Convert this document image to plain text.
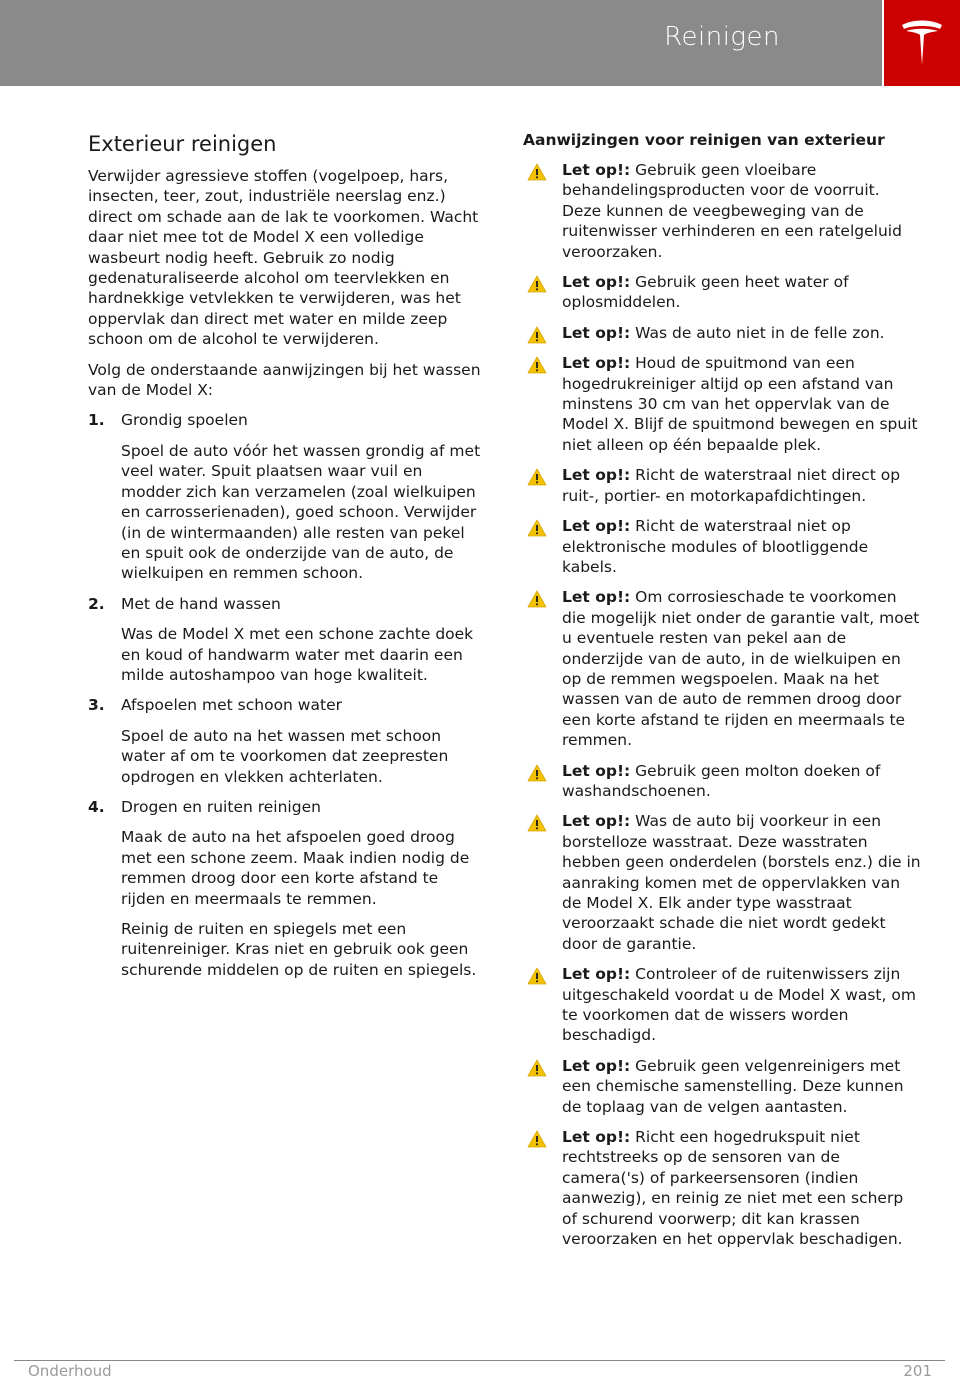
Reinigen
Exterieur reinigen

Verwijder agressieve stoffen (vogelpoep, hars, insecten, teer, zout, industriële neerslag enz.) direct om schade aan de lak te voorkomen. Wacht daar niet mee tot de Model X een volledige wasbeurt nodig heeft. Gebruik zo nodig gedenaturaliseerde alcohol om teervlekken en hardnekkige vetvlekken te verwijderen, was het oppervlak dan direct met water en milde zeep schoon om de alcohol te verwijderen.

Volg de onderstaande aanwijzingen bij het wassen van de Model X:

1. Grondig spoelen

Spoel de auto vóór het wassen grondig af met veel water. Spuit plaatsen waar vuil en modder zich kan verzamelen (zoal wielkuipen en carrosserienaden), goed schoon. Verwijder (in de wintermaanden) alle resten van pekel en spuit ook de onderzijde van de auto, de wielkuipen en remmen schoon.

2. Met de hand wassen

Was de Model X met een schone zachte doek en koud of handwarm water met daarin een milde autoshampoo van hoge kwaliteit.

3. Afspoelen met schoon water

Spoel de auto na het wassen met schoon water af om te voorkomen dat zeepresten opdrogen en vlekken achterlaten.

4. Drogen en ruiten reinigen

Maak de auto na het afspoelen goed droog met een schone zeem. Maak indien nodig de remmen droog door een korte afstand te rijden en meermaals te remmen.

Reinig de ruiten en spiegels met een ruitenreiniger. Kras niet en gebruik ook geen schurende middelen op de ruiten en spiegels.

Aanwijzingen voor reinigen van exterieur
Let op!: Gebruik geen vloeibare behandelingsproducten voor de voorruit. Deze kunnen de veegbeweging van de ruitenwisser verhinderen en een ratelgeluid veroorzaken.
Let op!: Gebruik geen heet water of oplosmiddelen.
Let op!: Was de auto niet in de felle zon.
Let op!: Houd de spuitmond van een hogedrukreiniger altijd op een afstand van minstens 30 cm van het oppervlak van de Model X. Blijf de spuitmond bewegen en spuit niet alleen op één bepaalde plek.
Let op!: Richt de waterstraal niet direct op ruit-, portier- en motorkapafdichtingen.
Let op!: Richt de waterstraal niet op elektronische modules of blootliggende kabels.
Let op!: Om corrosieschade te voorkomen die mogelijk niet onder de garantie valt, moet u eventuele resten van pekel aan de onderzijde van de auto, in de wielkuipen en op de remmen wegspoelen. Maak na het wassen van de auto de remmen droog door een korte afstand te rijden en meermaals te remmen.
Let op!: Gebruik geen molton doeken of washandschoenen.
Let op!: Was de auto bij voorkeur in een borstelloze wasstraat. Deze wasstraten hebben geen onderdelen (borstels enz.) die in aanraking komen met de oppervlakken van de Model X. Elk ander type wasstraat veroorzaakt schade die niet wordt gedekt door de garantie.
Let op!: Controleer of de ruitenwissers zijn uitgeschakeld voordat u de Model X wast, om te voorkomen dat de wissers worden beschadigd.
Let op!: Gebruik geen velgenreinigers met een chemische samenstelling. Deze kunnen de toplaag van de velgen aantasten.
Let op!: Richt een hogedrukspuit niet rechtstreeks op de sensoren van de camera('s) of parkeersensoren (indien aanwezig), en reinig ze niet met een scherp of schurend voorwerp; dit kan krassen veroorzaken en het oppervlak beschadigen.
Onderhoud	201
